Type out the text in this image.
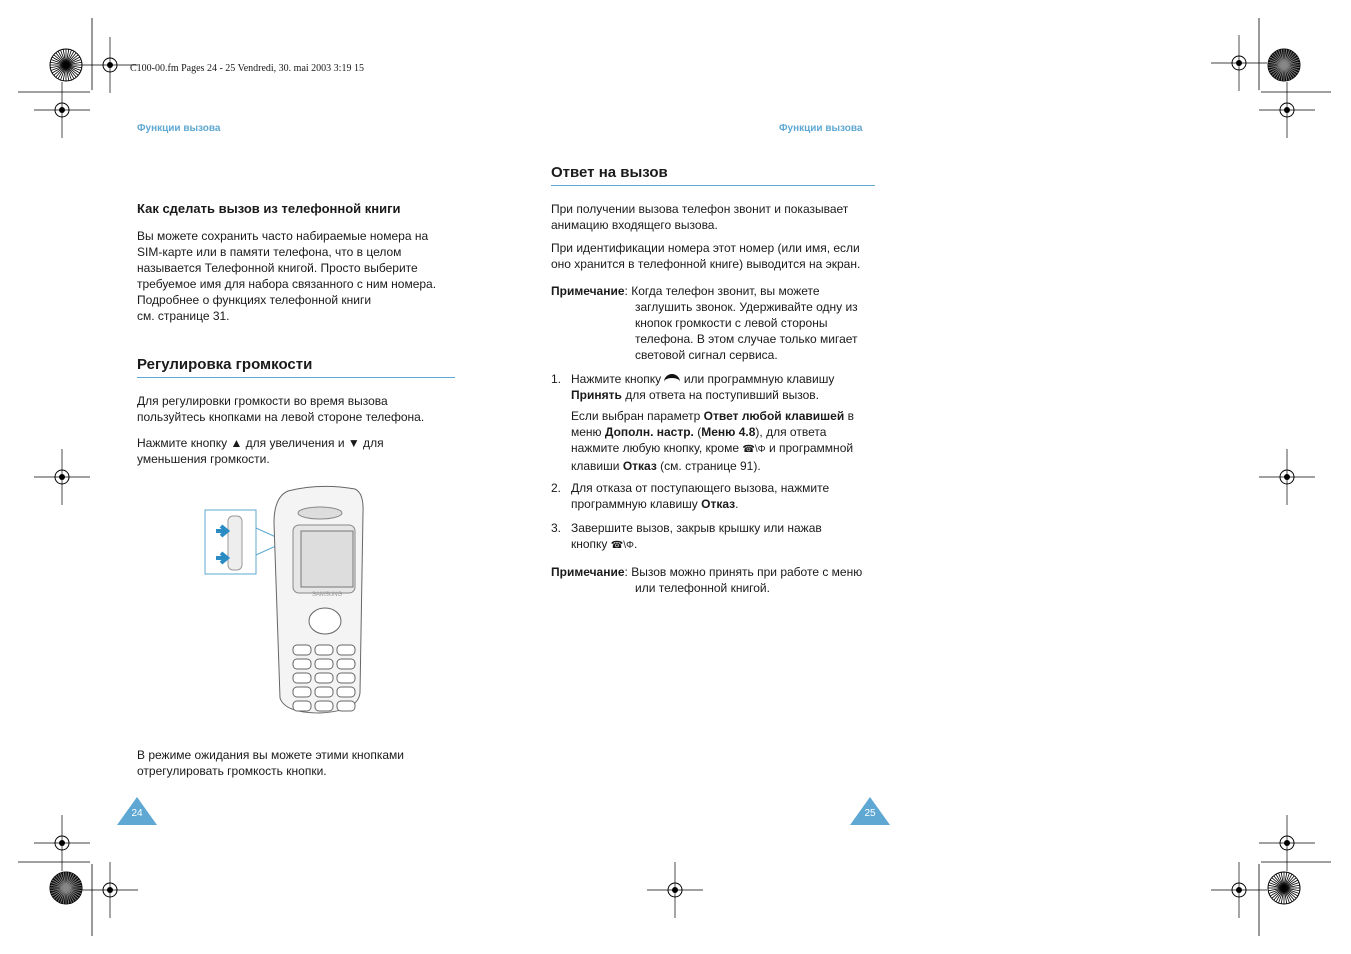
C100-00.fm Pages 24 - 25 Vendredi, 30. mai 2003 3:19 15
Функции вызова
Как сделать вызов из телефонной книги
Вы можете сохранить часто набираемые номера на
SIM-карте или в памяти телефона, что в целом
называется Телефонной книгой. Просто выберите
требуемое имя для набора связанного с ним номера.
Подробнее о функциях телефонной книги
см. странице 31.
Регулировка громкости
Для регулировки громкости во время вызова
пользуйтесь кнопками на левой стороне телефона.
Нажмите кнопку ▲ для увеличения и ▼ для
уменьшения громкости.
SAMSUNG
В режиме ожидания вы можете этими кнопками
отрегулировать громкость кнопки.
24
Функции вызова
Ответ на вызов
При получении вызова телефон звонит и показывает
анимацию входящего вызова.
При идентификации номера этот номер (или имя, если
оно хранится в телефонной книге) выводится на экран.
Примечание: Когда телефон звонит, вы можете
заглушить звонок. Удерживайте одну из
кнопок громкости с левой стороны
телефона. В этом случае только мигает
световой сигнал сервиса.
1. Нажмите кнопку или программную клавишу
Принять для ответа на поступивший вызов.
Если выбран параметр Ответ любой клавишей в
меню Дополн. настр. (Меню 4.8), для ответа
нажмите любую кнопку, кроме ☎\Φ и программной
клавиши Отказ (см. странице 91).
2. Для отказа от поступающего вызова, нажмите
программную клавишу Отказ.
3. Завершите вызов, закрыв крышку или нажав
кнопку ☎\Φ.
Примечание: Вызов можно принять при работе с меню
или телефонной книгой.
25
